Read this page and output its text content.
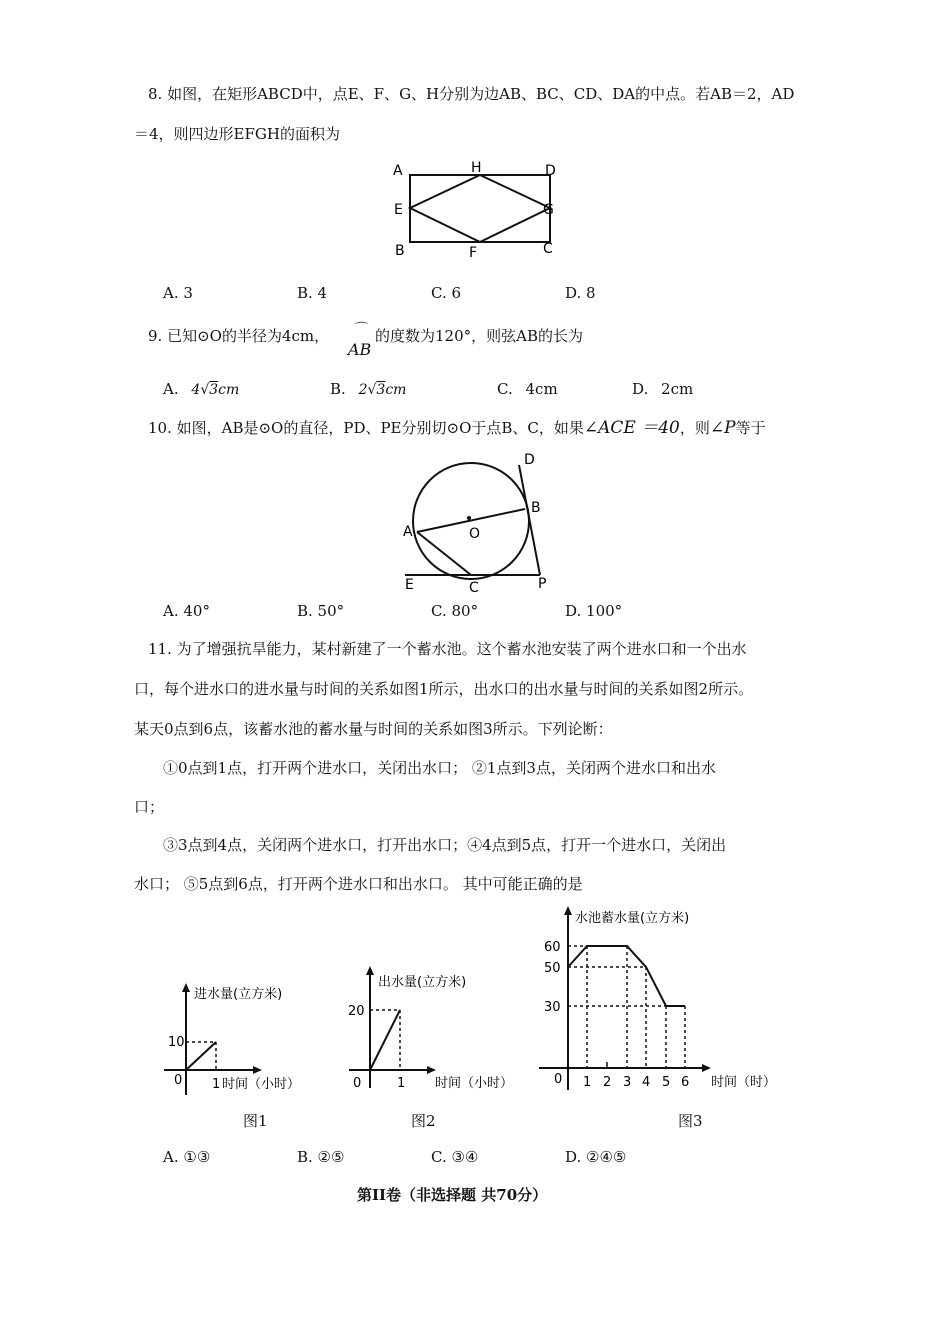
8. 如图，在矩形ABCD中，点E、F、G、H分别为边AB、BC、CD、DA的中点。若AB＝2，AD
＝4，则四边形EFGH的面积为
A	H	D
E	G
B	F	C
A. 3	B. 4	C. 6	D. 8
9. 已知⊙O的半径为4cm， ⌒
AB
的度数为120°，则弦AB的长为
A. 4√3cm	B. 2√3cm	C. 4cm	D. 2cm
10. 如图，AB是⊙O的直径，PD、PE分别切⊙O于点B、C，如果∠ACE ＝40，则∠P等于
D
B
A	O
E	C	P
A. 40°	B. 50°	C. 80°	D. 100°
11. 为了增强抗旱能力，某村新建了一个蓄水池。这个蓄水池安装了两个进水口和一个出水
口，每个进水口的进水量与时间的关系如图1所示，出水口的出水量与时间的关系如图2所示。
某天0点到6点，该蓄水池的蓄水量与时间的关系如图3所示。下列论断：
①0点到1点，打开两个进水口，关闭出水口； ②1点到3点，关闭两个进水口和出水
口；
③3点到4点，关闭两个进水口，打开出水口；④4点到5点，打开一个进水口，关闭出
水口； ⑤5点到6点，打开两个进水口和出水口。 其中可能正确的是
进水量(立方米)
10
0 1 时间（小时）
图1
出水量(立方米)
20
0	1 时间（小时）
图2
水池蓄水量(立方米)
60
50
30
0 1 2 3 4 5 6 时间（时）
图3
A. ①③	B. ②⑤	C. ③④	D. ②④⑤
第II卷（非选择题 共70分）
